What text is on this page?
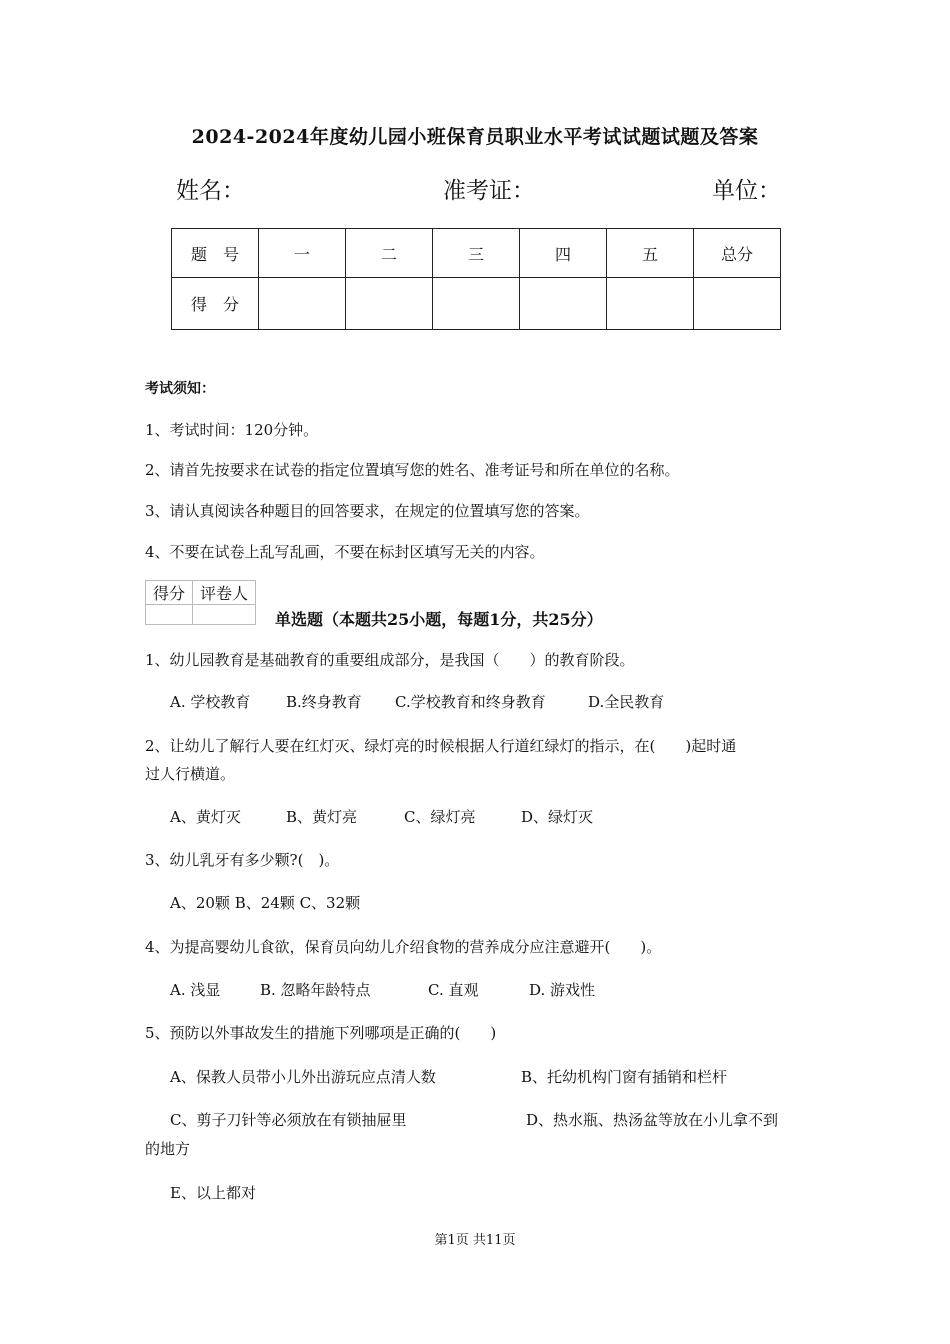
2024-2024年度幼儿园小班保育员职业水平考试试题试题及答案
姓名：	准考证：	单位：
题　号	一	二	三	四	五	总分
得　分						
考试须知：
1、考试时间：120分钟。
2、请首先按要求在试卷的指定位置填写您的姓名、准考证号和所在单位的名称。
3、请认真阅读各种题目的回答要求，在规定的位置填写您的答案。
4、不要在试卷上乱写乱画，不要在标封区填写无关的内容。
得分	评卷人

单选题（本题共25小题，每题1分，共25分）
1、幼儿园教育是基础教育的重要组成部分，是我国（　　）的教育阶段。
A. 学校教育 B.终身教育 C.学校教育和终身教育	D.全民教育
2、让幼儿了解行人要在红灯灭、绿灯亮的时候根据人行道红绿灯的指示，在(　　)起时通
过人行横道。
A、黄灯灭	B、黄灯亮	C、绿灯亮	D、绿灯灭
3、幼儿乳牙有多少颗?(　)。
A、20颗 B、24颗 C、32颗
4、为提高婴幼儿食欲，保育员向幼儿介绍食物的营养成分应注意避开(　　)。
A. 浅显	B. 忽略年龄特点	C. 直观	D. 游戏性
5、预防以外事故发生的措施下列哪项是正确的(　　)
A、保教人员带小儿外出游玩应点清人数	B、托幼机构门窗有插销和栏杆
C、剪子刀针等必须放在有锁抽屉里	D、热水瓶、热汤盆等放在小儿拿不到
的地方
E、以上都对
第1页 共11页
